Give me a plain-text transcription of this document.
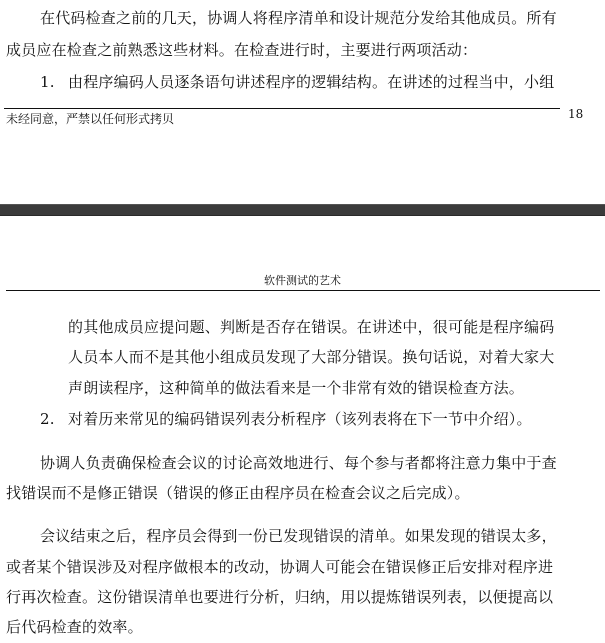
在代码检查之前的几天，协调人将程序清单和设计规范分发给其他成员。所有
成员应在检查之前熟悉这些材料。在检查进行时，主要进行两项活动：
1. 由程序编码人员逐条语句讲述程序的逻辑结构。在讲述的过程当中，小组
未经同意，严禁以任何形式拷贝	18
软件测试的艺术
的其他成员应提问题、判断是否存在错误。在讲述中，很可能是程序编码
人员本人而不是其他小组成员发现了大部分错误。换句话说，对着大家大
声朗读程序，这种简单的做法看来是一个非常有效的错误检查方法。
2. 对着历来常见的编码错误列表分析程序（该列表将在下一节中介绍）。
协调人负责确保检查会议的讨论高效地进行、每个参与者都将注意力集中于查
找错误而不是修正错误（错误的修正由程序员在检查会议之后完成）。
会议结束之后，程序员会得到一份已发现错误的清单。如果发现的错误太多，
或者某个错误涉及对程序做根本的改动，协调人可能会在错误修正后安排对程序进
行再次检查。这份错误清单也要进行分析，归纳，用以提炼错误列表，以便提高以
后代码检查的效率。
